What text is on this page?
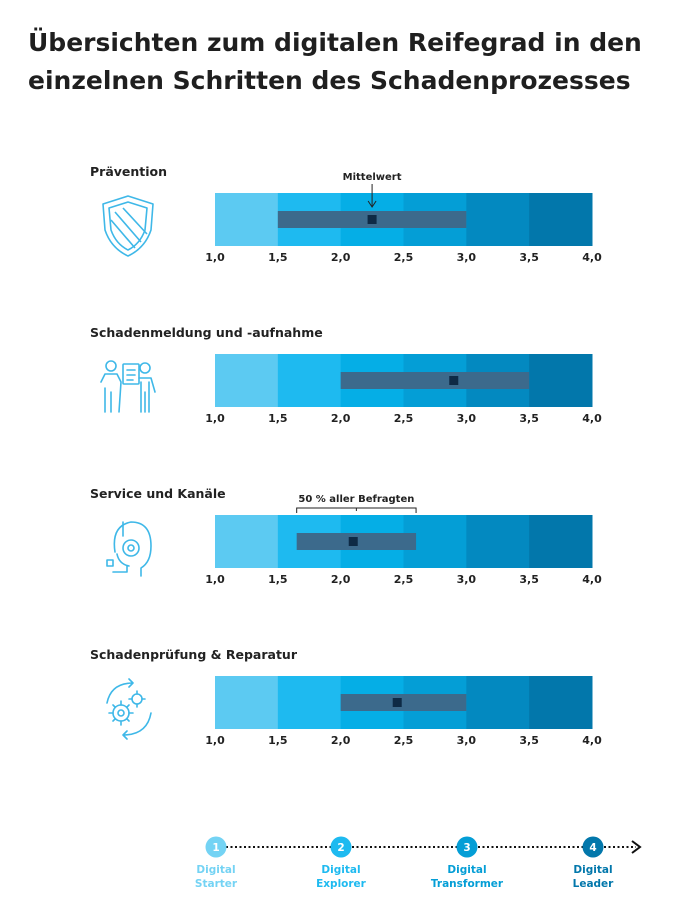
Übersichten zum digitalen Reifegrad in den
einzelnen Schritten des Schadenprozesses
Prävention
Schadenmeldung und -aufnahme
Service und Kanäle
Schadenprüfung & Reparatur
1,0	1,5	2,0	2,5	3,0	3,5	4,0
Mittelwert
1,0	1,5	2,0	2,5	3,0	3,5	4,0
1,0	1,5	2,0	2,5	3,0	3,5	4,0
50 % aller Befragten
1,0	1,5	2,0	2,5	3,0	3,5	4,0
1
Digital
Starter
2
Digital
Explorer
3
Digital
Transformer
4
Digital
Leader
